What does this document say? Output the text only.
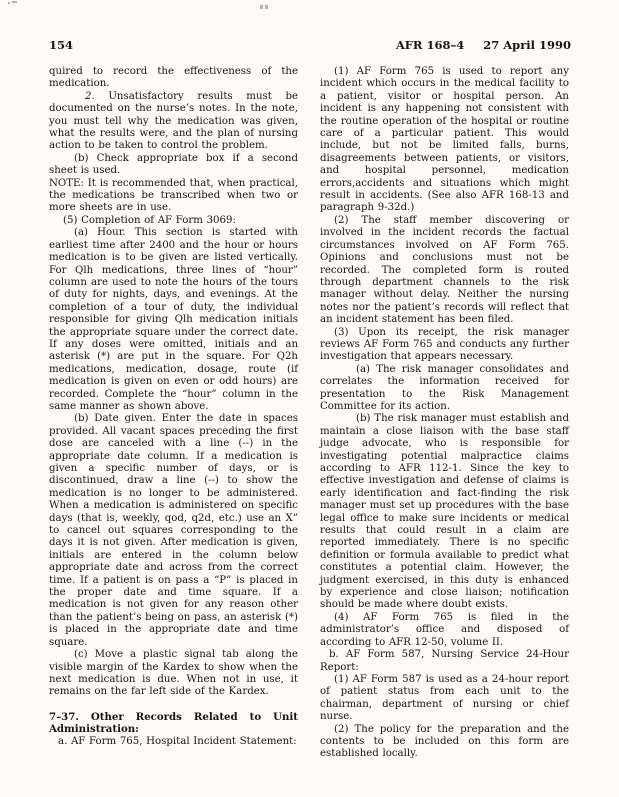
154	AFR 168–4 27 April 1990

quired to record the effectiveness of the medication.

2. Unsatisfactory results must be documented on the nurse’s notes. In the note, you must tell why the medication was given, what the results were, and the plan of nursing action to be taken to control the problem.

(b) Check appropriate box if a second sheet is used.

NOTE: It is recommended that, when practical, the medications be transcribed when two or more sheets are in use.

(5) Completion of AF Form 3069:

(a) Hour. This section is started with earliest time after 2400 and the hour or hours medication is to be given are listed vertically. For Qlh medications, three lines of “hour” column are used to note the hours of the tours of duty for nights, days, and evenings. At the completion of a tour of duty, the individual responsible for giving Qlh medication initials the appropriate square under the correct date. If any doses were omitted, initials and an asterisk (*) are put in the square. For Q2h medications, medication, dosage, route (if medication is given on even or odd hours) are recorded. Complete the “hour” column in the same manner as shown above.

(b) Date given. Enter the date in spaces provided. All vacant spaces preceding the first dose are canceled with a line (--) in the appropriate date column. If a medication is given a specific number of days, or is discontinued, draw a line (--) to show the medication is no longer to be administered. When a medication is administered on specific days (that is, weekly, qod, q2d, etc.) use an X” to cancel out squares corresponding to the days it is not given. After medication is given, initials are entered in the column below appropriate date and across from the correct time. If a patient is on pass a “P” is placed in the proper date and time square. If a medication is not given for any reason other than the patient’s being on pass, an asterisk (*) is placed in the appropriate date and time square.

(c) Move a plastic signal tab along the visible margin of the Kardex to show when the next medication is due. When not in use, it remains on the far left side of the Kardex.

7–37. Other Records Related to Unit Administration:

a. AF Form 765, Hospital Incident Statement:

(1) AF Form 765 is used to report any incident which occurs in the medical facility to a patient, visitor or hospital person. An incident is any happening not consistent with the routine operation of the hospital or routine care of a particular patient. This would include, but not be limited falls, burns, disagreements between patients, or visitors, and hospital personnel, medication errors,accidents and situations which might result in accidents. (See also AFR 168-13 and paragraph 9-32d.)

(2) The staff member discovering or involved in the incident records the factual circumstances involved on AF Form 765. Opinions and conclusions must not be recorded. The completed form is routed through department channels to the risk manager without delay. Neither the nursing notes nor the patient’s records will reflect that an incident statement has been filed.

(3) Upon its receipt, the risk manager reviews AF Form 765 and conducts any further investigation that appears necessary.

(a) The risk manager consolidates and correlates the information received for presentation to the Risk Management Committee for its action.

(b) The risk manager must establish and maintain a close liaison with the base staff judge advocate, who is responsible for investigating potential malpractice claims according to AFR 112-1. Since the key to effective investigation and defense of claims is early identification and fact-finding the risk manager must set up procedures with the base legal office to make sure incidents or medical results that could result in a claim are reported immediately. There is no specific definition or formula available to predict what constitutes a potential claim. However, the judgment exercised, in this duty is enhanced by experience and close liaison; notification should be made where doubt exists.

(4) AF Form 765 is filed in the administrator’s office and disposed of according to AFR 12-50, volume II.

b. AF Form 587, Nursing Service 24-Hour Report:

(1) AF Form 587 is used as a 24-hour report of patient status from each unit to the chairman, department of nursing or chief nurse.

(2) The policy for the preparation and the contents to be included on this form are established locally.
